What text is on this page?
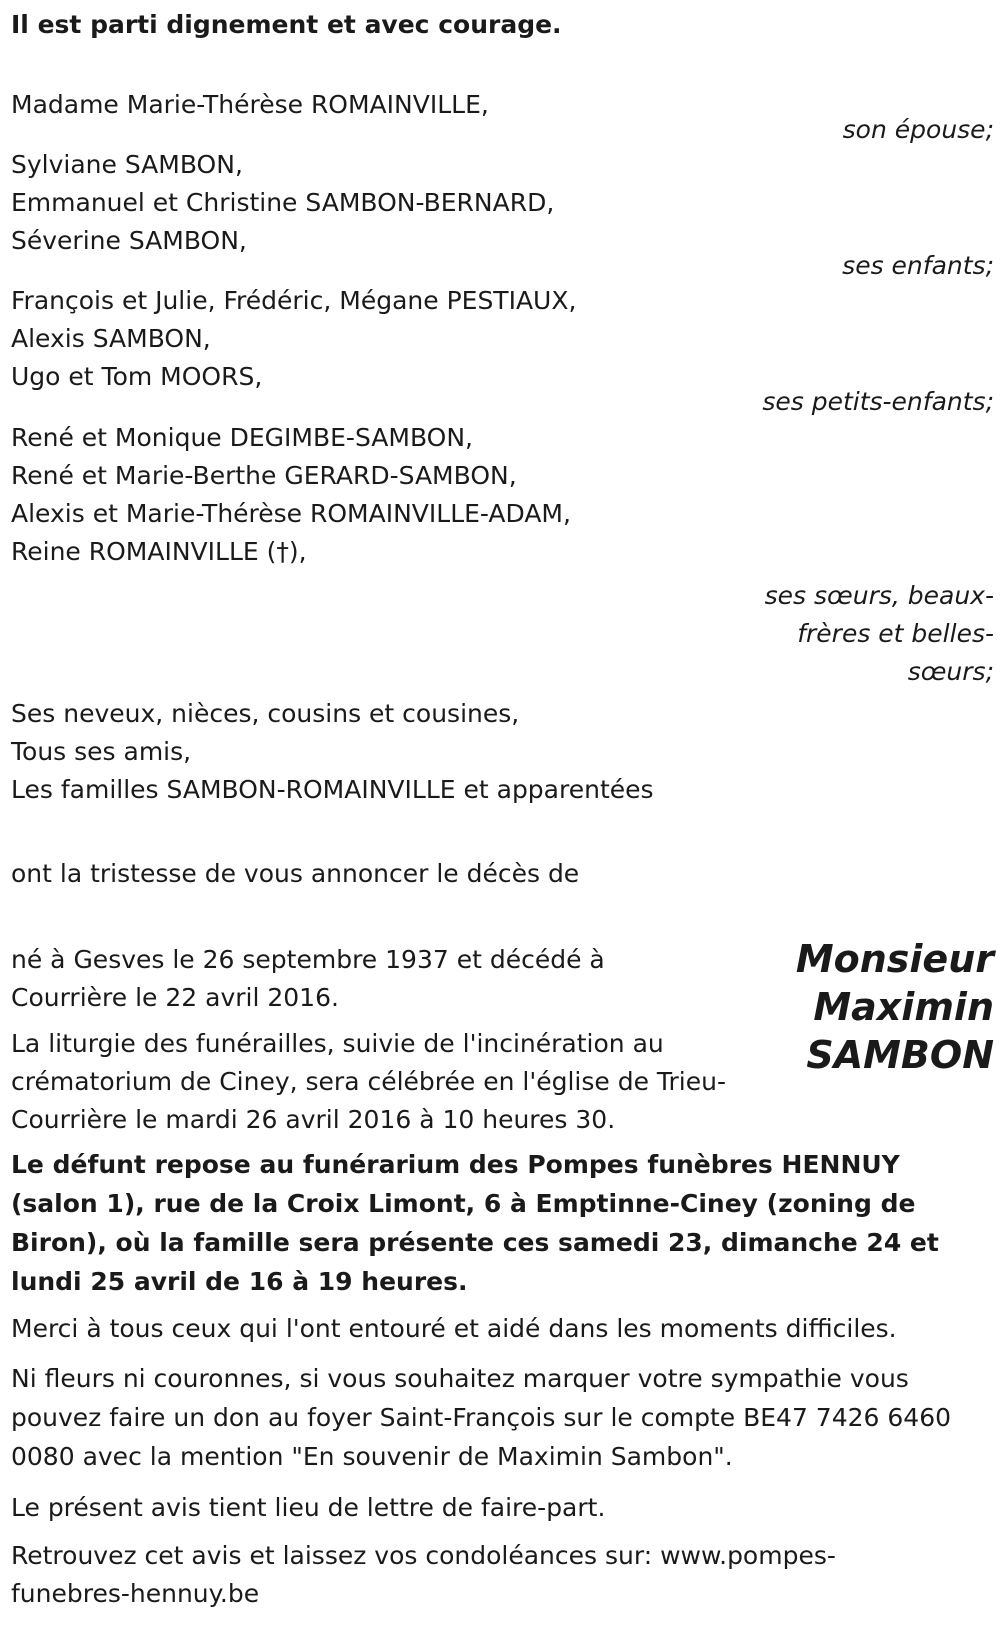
Il est parti dignement et avec courage.
Madame Marie-Thérèse ROMAINVILLE,
son épouse;
Sylviane SAMBON,
Emmanuel et Christine SAMBON-BERNARD,
Séverine SAMBON,
ses enfants;
François et Julie, Frédéric, Mégane PESTIAUX,
Alexis SAMBON,
Ugo et Tom MOORS,
ses petits-enfants;
René et Monique DEGIMBE-SAMBON,
René et Marie-Berthe GERARD-SAMBON,
Alexis et Marie-Thérèse ROMAINVILLE-ADAM,
Reine ROMAINVILLE (†),
ses sœurs, beaux-frères et belles-sœurs;
Ses neveux, nièces, cousins et cousines,
Tous ses amis,
Les familles SAMBON-ROMAINVILLE et apparentées
ont la tristesse de vous annoncer le décès de
Monsieur
Maximin
SAMBON
né à Gesves le 26 septembre 1937 et décédé à Courrière le 22 avril 2016.
La liturgie des funérailles, suivie de l'incinération au crématorium de Ciney, sera célébrée en l'église de Trieu-Courrière le mardi 26 avril 2016 à 10 heures 30.
Le défunt repose au funérarium des Pompes funèbres HENNUY (salon 1), rue de la Croix Limont, 6 à Emptinne-Ciney (zoning de Biron), où la famille sera présente ces samedi 23, dimanche 24 et lundi 25 avril de 16 à 19 heures.
Merci à tous ceux qui l'ont entouré et aidé dans les moments difficiles.
Ni fleurs ni couronnes, si vous souhaitez marquer votre sympathie vous pouvez faire un don au foyer Saint-François sur le compte BE47 7426 6460 0080 avec la mention "En souvenir de Maximin Sambon".
Le présent avis tient lieu de lettre de faire-part.
Retrouvez cet avis et laissez vos condoléances sur: www.pompes-funebres-hennuy.be
